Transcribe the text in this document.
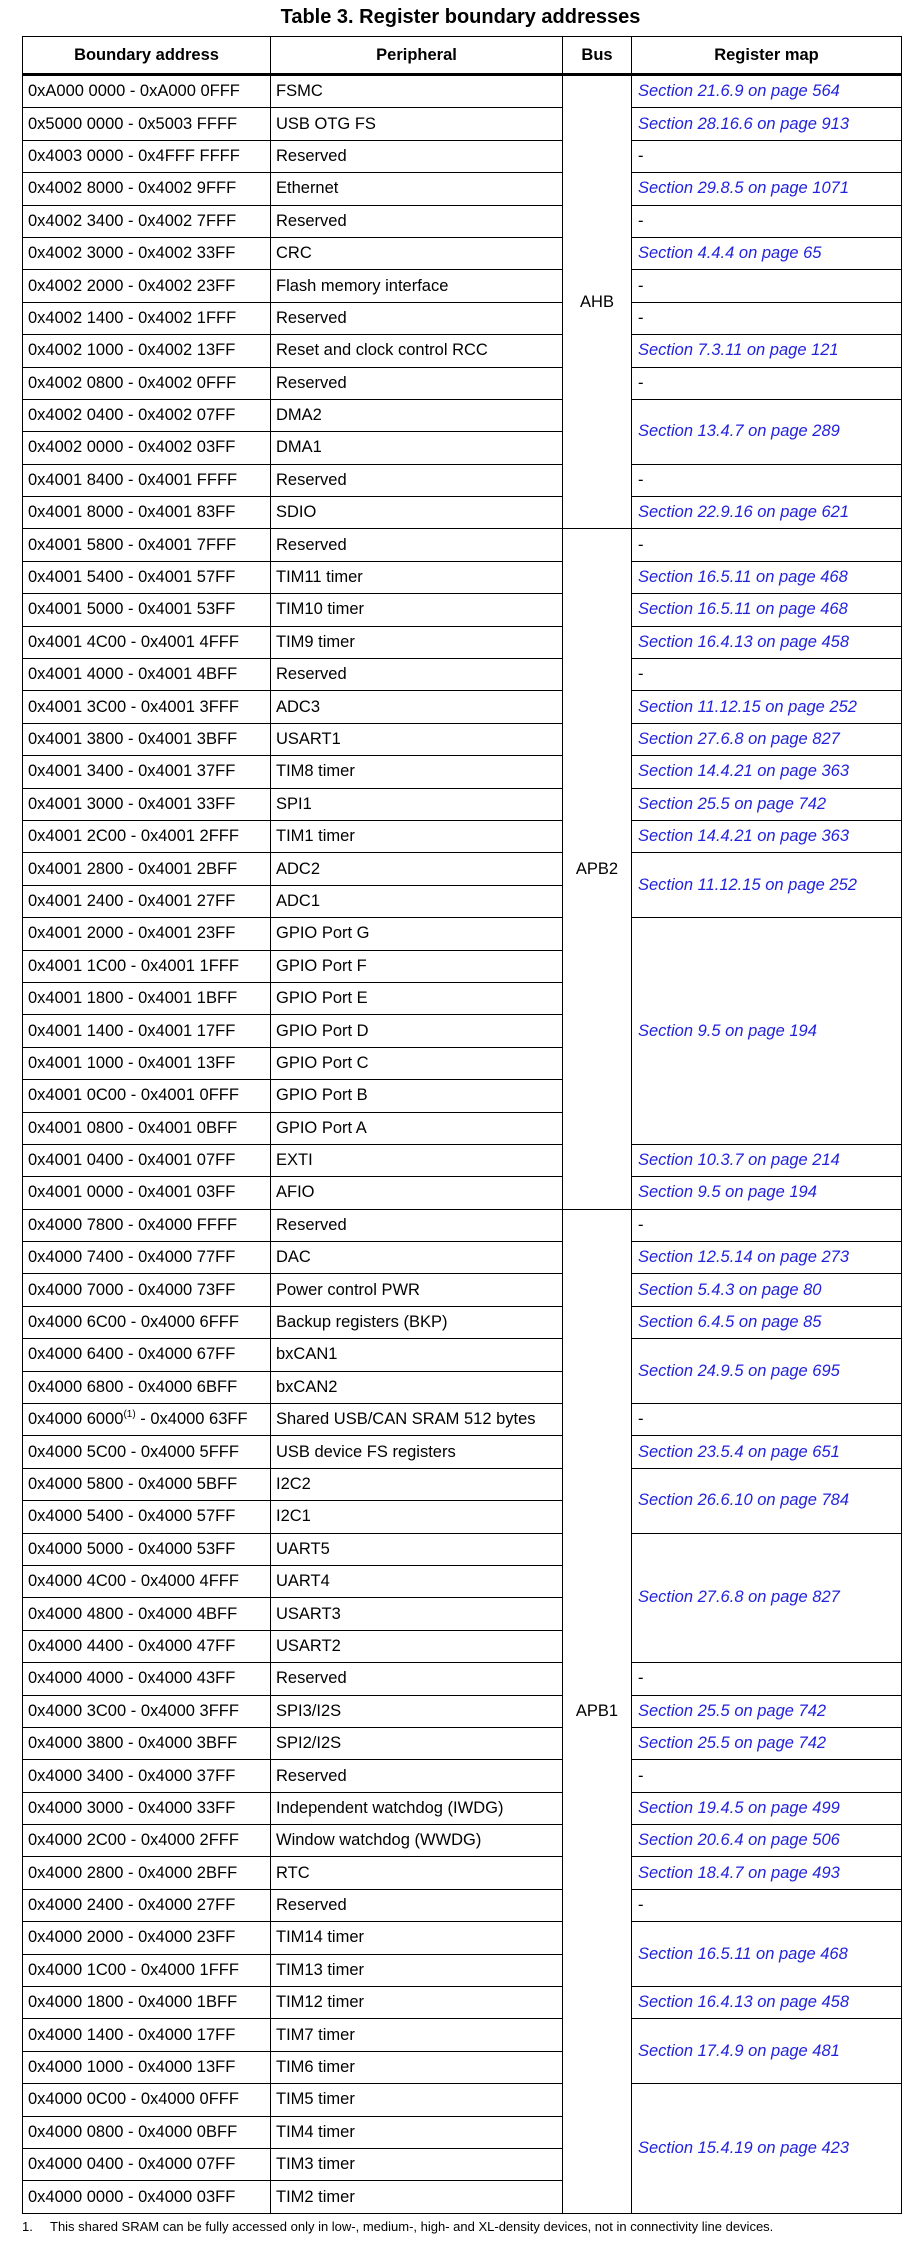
Table 3. Register boundary addresses
Boundary address	Peripheral	Bus	Register map
0xA000 0000 - 0xA000 0FFF	FSMC	AHB	Section 21.6.9 on page 564
0x5000 0000 - 0x5003 FFFF	USB OTG FS		Section 28.16.6 on page 913
0x4003 0000 - 0x4FFF FFFF	Reserved		-
0x4002 8000 - 0x4002 9FFF	Ethernet		Section 29.8.5 on page 1071
0x4002 3400 - 0x4002 7FFF	Reserved		-
0x4002 3000 - 0x4002 33FF	CRC		Section 4.4.4 on page 65
0x4002 2000 - 0x4002 23FF	Flash memory interface		-
0x4002 1400 - 0x4002 1FFF	Reserved		-
0x4002 1000 - 0x4002 13FF	Reset and clock control RCC		Section 7.3.11 on page 121
0x4002 0800 - 0x4002 0FFF	Reserved		-
0x4002 0400 - 0x4002 07FF	DMA2		Section 13.4.7 on page 289
0x4002 0000 - 0x4002 03FF	DMA1		
0x4001 8400 - 0x4001 FFFF	Reserved		-
0x4001 8000 - 0x4001 83FF	SDIO		Section 22.9.16 on page 621
0x4001 5800 - 0x4001 7FFF	Reserved	APB2	-
0x4001 5400 - 0x4001 57FF	TIM11 timer		Section 16.5.11 on page 468
0x4001 5000 - 0x4001 53FF	TIM10 timer		Section 16.5.11 on page 468
0x4001 4C00 - 0x4001 4FFF	TIM9 timer		Section 16.4.13 on page 458
0x4001 4000 - 0x4001 4BFF	Reserved		-
0x4001 3C00 - 0x4001 3FFF	ADC3		Section 11.12.15 on page 252
0x4001 3800 - 0x4001 3BFF	USART1		Section 27.6.8 on page 827
0x4001 3400 - 0x4001 37FF	TIM8 timer		Section 14.4.21 on page 363
0x4001 3000 - 0x4001 33FF	SPI1		Section 25.5 on page 742
0x4001 2C00 - 0x4001 2FFF	TIM1 timer		Section 14.4.21 on page 363
0x4001 2800 - 0x4001 2BFF	ADC2		Section 11.12.15 on page 252
0x4001 2400 - 0x4001 27FF	ADC1		
0x4001 2000 - 0x4001 23FF	GPIO Port G		Section 9.5 on page 194
0x4001 1C00 - 0x4001 1FFF	GPIO Port F		
0x4001 1800 - 0x4001 1BFF	GPIO Port E		
0x4001 1400 - 0x4001 17FF	GPIO Port D		
0x4001 1000 - 0x4001 13FF	GPIO Port C		
0x4001 0C00 - 0x4001 0FFF	GPIO Port B		
0x4001 0800 - 0x4001 0BFF	GPIO Port A		
0x4001 0400 - 0x4001 07FF	EXTI		Section 10.3.7 on page 214
0x4001 0000 - 0x4001 03FF	AFIO		Section 9.5 on page 194
0x4000 7800 - 0x4000 FFFF	Reserved	APB1	-
0x4000 7400 - 0x4000 77FF	DAC		Section 12.5.14 on page 273
0x4000 7000 - 0x4000 73FF	Power control PWR		Section 5.4.3 on page 80
0x4000 6C00 - 0x4000 6FFF	Backup registers (BKP)		Section 6.4.5 on page 85
0x4000 6400 - 0x4000 67FF	bxCAN1		Section 24.9.5 on page 695
0x4000 6800 - 0x4000 6BFF	bxCAN2		
0x4000 6000$^{(1)}$ - 0x4000 63FF	Shared USB/CAN SRAM 512 bytes		-
0x4000 5C00 - 0x4000 5FFF	USB device FS registers		Section 23.5.4 on page 651
0x4000 5800 - 0x4000 5BFF	I2C2		Section 26.6.10 on page 784
0x4000 5400 - 0x4000 57FF	I2C1		
0x4000 5000 - 0x4000 53FF	UART5		Section 27.6.8 on page 827
0x4000 4C00 - 0x4000 4FFF	UART4		
0x4000 4800 - 0x4000 4BFF	USART3		
0x4000 4400 - 0x4000 47FF	USART2		
0x4000 4000 - 0x4000 43FF	Reserved		-
0x4000 3C00 - 0x4000 3FFF	SPI3/I2S		Section 25.5 on page 742
0x4000 3800 - 0x4000 3BFF	SPI2/I2S		Section 25.5 on page 742
0x4000 3400 - 0x4000 37FF	Reserved		-
0x4000 3000 - 0x4000 33FF	Independent watchdog (IWDG)		Section 19.4.5 on page 499
0x4000 2C00 - 0x4000 2FFF	Window watchdog (WWDG)		Section 20.6.4 on page 506
0x4000 2800 - 0x4000 2BFF	RTC		Section 18.4.7 on page 493
0x4000 2400 - 0x4000 27FF	Reserved		-
0x4000 2000 - 0x4000 23FF	TIM14 timer		Section 16.5.11 on page 468
0x4000 1C00 - 0x4000 1FFF	TIM13 timer		
0x4000 1800 - 0x4000 1BFF	TIM12 timer		Section 16.4.13 on page 458
0x4000 1400 - 0x4000 17FF	TIM7 timer		Section 17.4.9 on page 481
0x4000 1000 - 0x4000 13FF	TIM6 timer		
0x4000 0C00 - 0x4000 0FFF	TIM5 timer		Section 15.4.19 on page 423
0x4000 0800 - 0x4000 0BFF	TIM4 timer		
0x4000 0400 - 0x4000 07FF	TIM3 timer		
0x4000 0000 - 0x4000 03FF	TIM2 timer		
1. This shared SRAM can be fully accessed only in low-, medium-, high- and XL-density devices, not in connectivity line devices.
